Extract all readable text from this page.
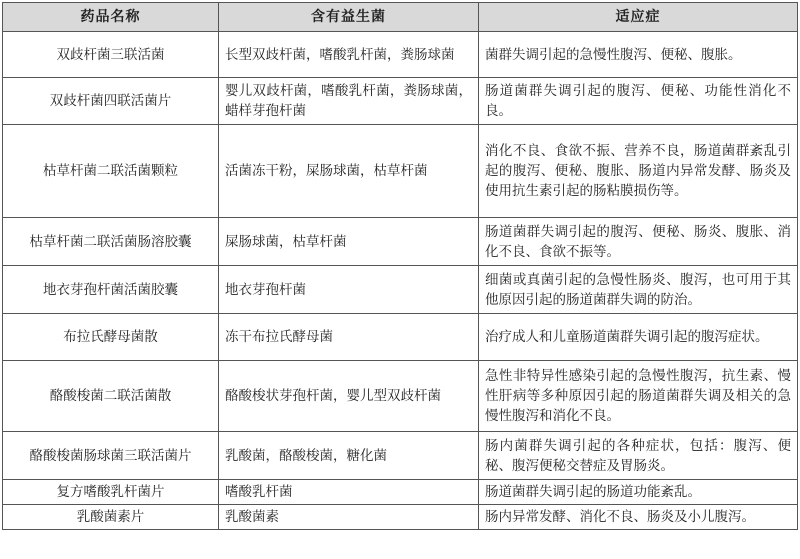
药品名称	含有益生菌	适应症
双歧杆菌三联活菌	长型双歧杆菌，嗜酸乳杆菌，粪肠球菌	菌群失调引起的急慢性腹泻、便秘、腹胀。
双歧杆菌四联活菌片	婴儿双歧杆菌，嗜酸乳杆菌，粪肠球菌，蜡样芽孢杆菌	肠道菌群失调引起的腹泻、便秘、功能性消化不良。
枯草杆菌二联活菌颗粒	活菌冻干粉，屎肠球菌，枯草杆菌	消化不良、食欲不振、营养不良，肠道菌群紊乱引起的腹泻、便秘、腹胀、肠道内异常发酵、肠炎及使用抗生素引起的肠粘膜损伤等。
枯草杆菌二联活菌肠溶胶囊	屎肠球菌，枯草杆菌	肠道菌群失调引起的腹泻、便秘、肠炎、腹胀、消化不良、食欲不振等。
地衣芽孢杆菌活菌胶囊	地衣芽孢杆菌	细菌或真菌引起的急慢性肠炎、腹泻，也可用于其他原因引起的肠道菌群失调的防治。
布拉氏酵母菌散	冻干布拉氏酵母菌	治疗成人和儿童肠道菌群失调引起的腹泻症状。
酪酸梭菌二联活菌散	酪酸梭状芽孢杆菌，婴儿型双歧杆菌	急性非特异性感染引起的急慢性腹泻，抗生素、慢性肝病等多种原因引起的肠道菌群失调及相关的急慢性腹泻和消化不良。
酪酸梭菌肠球菌三联活菌片	乳酸菌，酪酸梭菌，糖化菌	肠内菌群失调引起的各种症状，包括：腹泻、便秘、腹泻便秘交替症及胃肠炎。
复方嗜酸乳杆菌片	嗜酸乳杆菌	肠道菌群失调引起的肠道功能紊乱。
乳酸菌素片	乳酸菌素	肠内异常发酵、消化不良、肠炎及小儿腹泻。
